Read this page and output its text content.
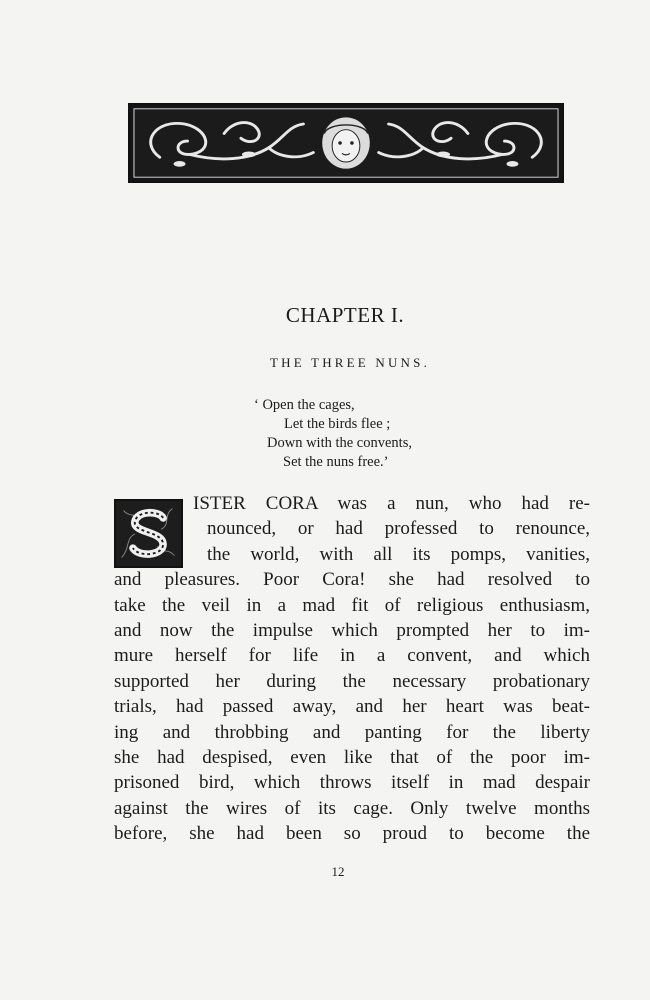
CHAPTER I.
THE THREE NUNS.
‘ Open the cages,
Let the birds flee ;
Down with the convents,
Set the nuns free.’
ISTER CORA was a nun, who had re-
nounced, or had professed to renounce,
the world, with all its pomps, vanities,
and pleasures. Poor Cora! she had resolved to
take the veil in a mad fit of religious enthusiasm,
and now the impulse which prompted her to im-
mure herself for life in a convent, and which
supported her during the necessary probationary
trials, had passed away, and her heart was beat-
ing and throbbing and panting for the liberty
she had despised, even like that of the poor im-
prisoned bird, which throws itself in mad despair
against the wires of its cage. Only twelve months
before, she had been so proud to become the
12
